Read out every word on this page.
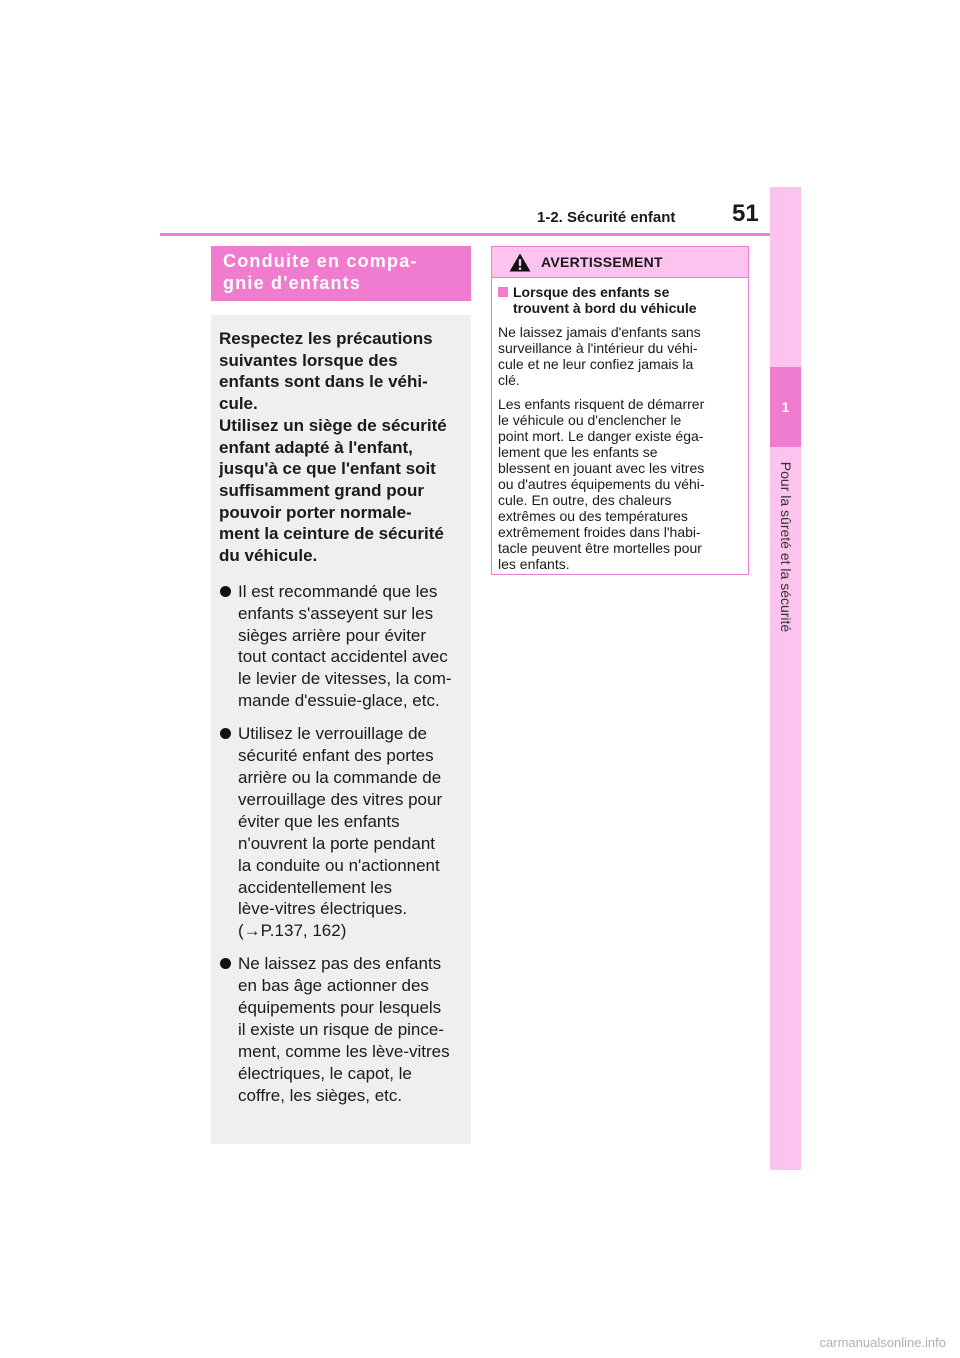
1-2. Sécurité enfant 51
1
Pour la sûreté et la sécurité
Conduite en compa-
gnie d'enfants
Respectez les précautions
suivantes lorsque des
enfants sont dans le véhi-
cule.
Utilisez un siège de sécurité
enfant adapté à l'enfant,
jusqu'à ce que l'enfant soit
suffisamment grand pour
pouvoir porter normale-
ment la ceinture de sécurité
du véhicule.
Il est recommandé que les
enfants s'asseyent sur les
sièges arrière pour éviter
tout contact accidentel avec
le levier de vitesses, la com-
mande d'essuie-glace, etc.
Utilisez le verrouillage de
sécurité enfant des portes
arrière ou la commande de
verrouillage des vitres pour
éviter que les enfants
n'ouvrent la porte pendant
la conduite ou n'actionnent
accidentellement les
lève-vitres électriques.
(→P.137, 162)
Ne laissez pas des enfants
en bas âge actionner des
équipements pour lesquels
il existe un risque de pince-
ment, comme les lève-vitres
électriques, le capot, le
coffre, les sièges, etc.
AVERTISSEMENT
Lorsque des enfants se
trouvent à bord du véhicule

Ne laissez jamais d'enfants sans
surveillance à l'intérieur du véhi-
cule et ne leur confiez jamais la
clé.

Les enfants risquent de démarrer
le véhicule ou d'enclencher le
point mort. Le danger existe éga-
lement que les enfants se
blessent en jouant avec les vitres
ou d'autres équipements du véhi-
cule. En outre, des chaleurs
extrêmes ou des températures
extrêmement froides dans l'habi-
tacle peuvent être mortelles pour
les enfants.

carmanualsonline.info
